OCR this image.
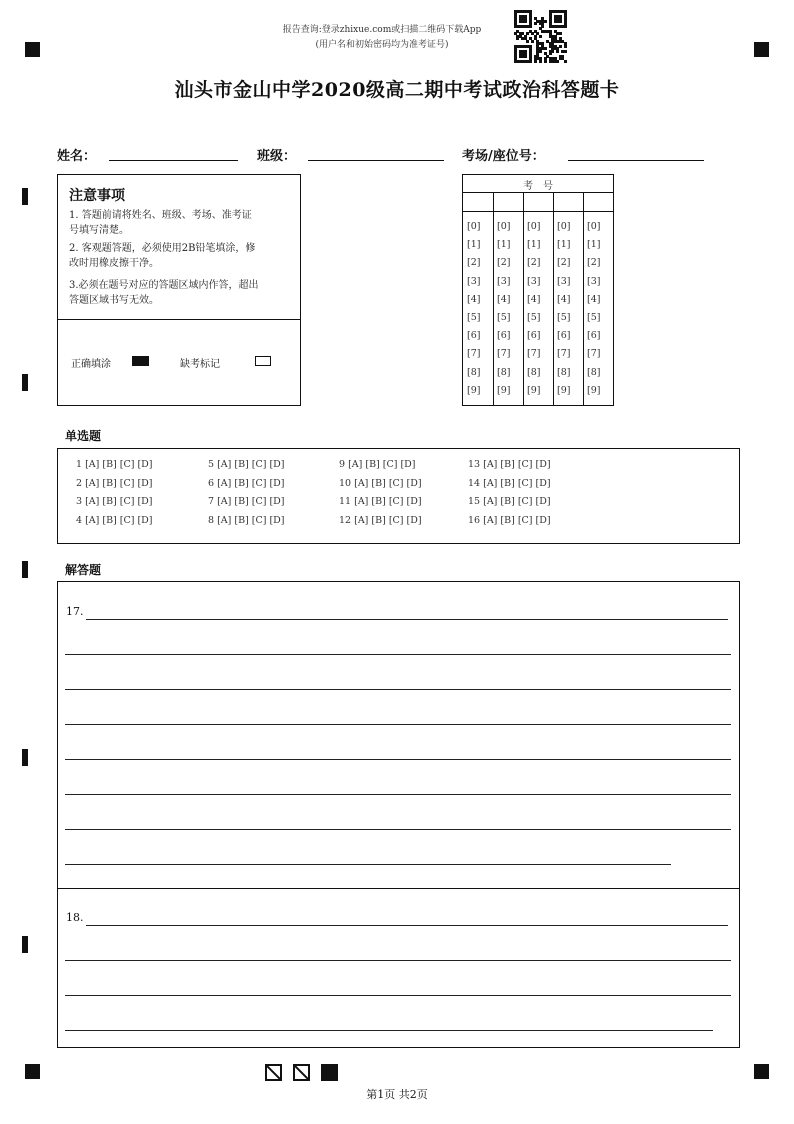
报告查询:登录zhixue.com或扫描二维码下载App
(用户名和初始密码均为准考证号)
汕头市金山中学2020级高二期中考试政治科答题卡
姓名：	班级：	考场/座位号：
注意事项
1. 答题前请将姓名、班级、考场、准考证
号填写清楚。
2. 客观题答题，必须使用2B铅笔填涂，修
改时用橡皮擦干净。
3.必须在题号对应的答题区域内作答，超出
答题区域书写无效。
正确填涂	缺考标记
考　号
[0] [0] [0] [0] [0]
[1] [1] [1] [1] [1]
[2] [2] [2] [2] [2]
[3] [3] [3] [3] [3]
[4] [4] [4] [4] [4]
[5] [5] [5] [5] [5]
[6] [6] [6] [6] [6]
[7] [7] [7] [7] [7]
[8] [8] [8] [8] [8]
[9] [9] [9] [9] [9]
单选题
1 [A] [B] [C] [D]	5 [A] [B] [C] [D]	9 [A] [B] [C] [D]	13 [A] [B] [C] [D]
2 [A] [B] [C] [D]	6 [A] [B] [C] [D]	10 [A] [B] [C] [D]	14 [A] [B] [C] [D]
3 [A] [B] [C] [D]	7 [A] [B] [C] [D]	11 [A] [B] [C] [D]	15 [A] [B] [C] [D]
4 [A] [B] [C] [D]	8 [A] [B] [C] [D]	12 [A] [B] [C] [D]	16 [A] [B] [C] [D]
解答题
17.
18.
第1页 共2页
